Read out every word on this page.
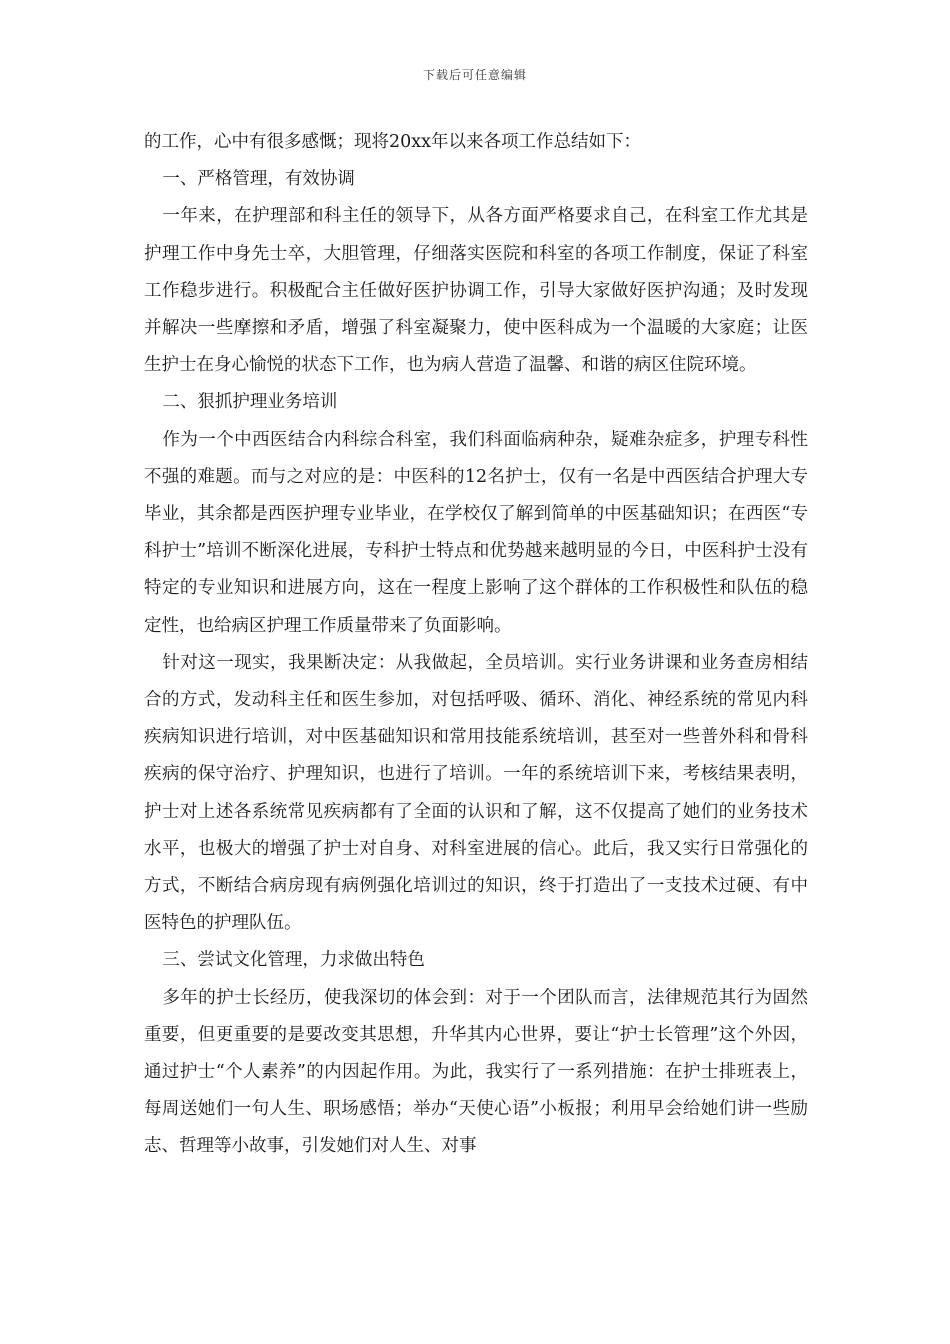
下载后可任意编辑

的工作，心中有很多感慨；现将20xx年以来各项工作总结如下：

一、严格管理，有效协调

一年来，在护理部和科主任的领导下，从各方面严格要求自己，在科室工作尤其是护理工作中身先士卒，大胆管理，仔细落实医院和科室的各项工作制度，保证了科室工作稳步进行。积极配合主任做好医护协调工作，引导大家做好医护沟通；及时发现并解决一些摩擦和矛盾，增强了科室凝聚力，使中医科成为一个温暖的大家庭；让医生护士在身心愉悦的状态下工作，也为病人营造了温馨、和谐的病区住院环境。

二、狠抓护理业务培训

作为一个中西医结合内科综合科室，我们科面临病种杂，疑难杂症多，护理专科性不强的难题。而与之对应的是：中医科的12名护士，仅有一名是中西医结合护理大专毕业，其余都是西医护理专业毕业，在学校仅了解到简单的中医基础知识；在西医“专科护士”培训不断深化进展，专科护士特点和优势越来越明显的今日，中医科护士没有特定的专业知识和进展方向，这在一程度上影响了这个群体的工作积极性和队伍的稳定性，也给病区护理工作质量带来了负面影响。

针对这一现实，我果断决定：从我做起，全员培训。实行业务讲课和业务查房相结合的方式，发动科主任和医生参加，对包括呼吸、循环、消化、神经系统的常见内科疾病知识进行培训，对中医基础知识和常用技能系统培训，甚至对一些普外科和骨科疾病的保守治疗、护理知识，也进行了培训。一年的系统培训下来，考核结果表明，护士对上述各系统常见疾病都有了全面的认识和了解，这不仅提高了她们的业务技术水平，也极大的增强了护士对自身、对科室进展的信心。此后，我又实行日常强化的方式，不断结合病房现有病例强化培训过的知识，终于打造出了一支技术过硬、有中医特色的护理队伍。

三、尝试文化管理，力求做出特色

多年的护士长经历，使我深切的体会到：对于一个团队而言，法律规范其行为固然重要，但更重要的是要改变其思想，升华其内心世界，要让“护士长管理”这个外因，通过护士“个人素养”的内因起作用。为此，我实行了一系列措施：在护士排班表上，每周送她们一句人生、职场感悟；举办“天使心语”小板报；利用早会给她们讲一些励志、哲理等小故事，引发她们对人生、对事
